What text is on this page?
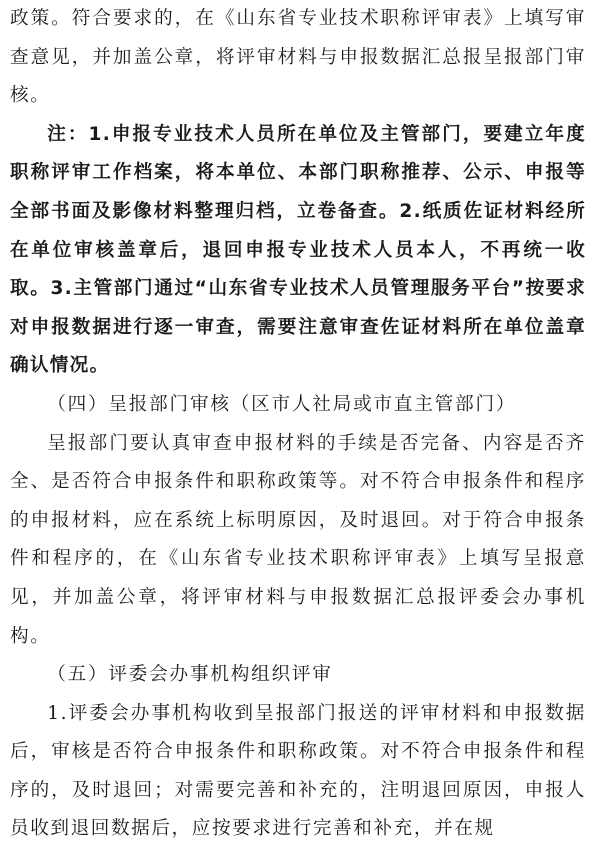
政策。符合要求的，在《山东省专业技术职称评审表》上填写审查意见，并加盖公章，将评审材料与申报数据汇总报呈报部门审核。

注：1.申报专业技术人员所在单位及主管部门，要建立年度职称评审工作档案，将本单位、本部门职称推荐、公示、申报等全部书面及影像材料整理归档，立卷备查。2.纸质佐证材料经所在单位审核盖章后，退回申报专业技术人员本人，不再统一收取。3.主管部门通过“山东省专业技术人员管理服务平台”按要求对申报数据进行逐一审查，需要注意审查佐证材料所在单位盖章确认情况。

（四）呈报部门审核（区市人社局或市直主管部门）

呈报部门要认真审查申报材料的手续是否完备、内容是否齐全、是否符合申报条件和职称政策等。对不符合申报条件和程序的申报材料，应在系统上标明原因，及时退回。对于符合申报条件和程序的，在《山东省专业技术职称评审表》上填写呈报意见，并加盖公章，将评审材料与申报数据汇总报评委会办事机构。

（五）评委会办事机构组织评审

1.评委会办事机构收到呈报部门报送的评审材料和申报数据后，审核是否符合申报条件和职称政策。对不符合申报条件和程序的，及时退回；对需要完善和补充的，注明退回原因，申报人员收到退回数据后，应按要求进行完善和补充，并在规
